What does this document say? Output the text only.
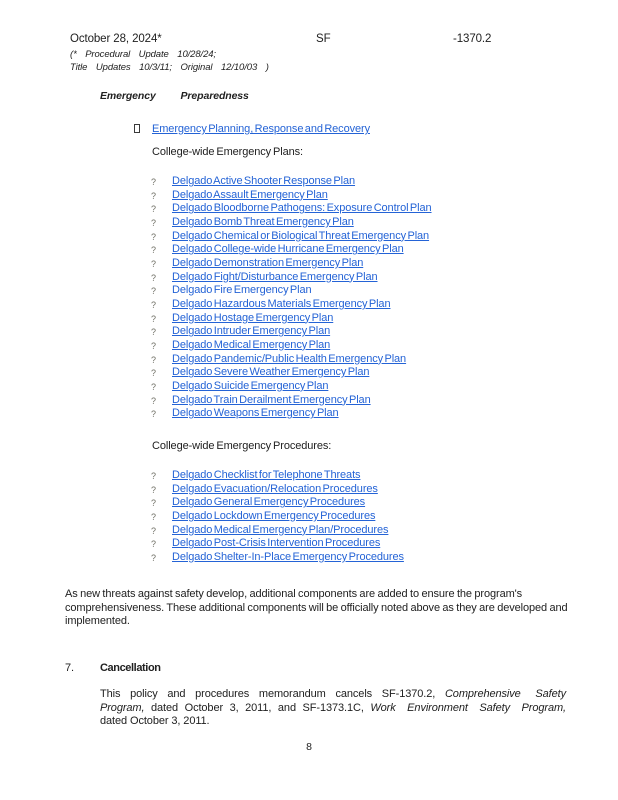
October 28, 2024*	SF	-1370.2
(* Procedural Update 10/28/24;
Title Updates 10/3/11; Original 12/10/03 )
Emergency Preparedness
Emergency Planning, Response and Recovery
College-wide Emergency Plans:
? Delgado Active Shooter Response Plan
? Delgado Assault Emergency Plan
? Delgado Bloodborne Pathogens: Exposure Control Plan
? Delgado Bomb Threat Emergency Plan
? Delgado Chemical or Biological Threat Emergency Plan
? Delgado College-wide Hurricane Emergency Plan
? Delgado Demonstration Emergency Plan
? Delgado Fight/Disturbance Emergency Plan
? Delgado Fire Emergency Plan
? Delgado Hazardous Materials Emergency Plan
? Delgado Hostage Emergency Plan
? Delgado Intruder Emergency Plan
? Delgado Medical Emergency Plan
? Delgado Pandemic/Public Health Emergency Plan
? Delgado Severe Weather Emergency Plan
? Delgado Suicide Emergency Plan
? Delgado Train Derailment Emergency Plan
? Delgado Weapons Emergency Plan
College-wide Emergency Procedures:
? Delgado Checklist for Telephone Threats
? Delgado Evacuation/Relocation Procedures
? Delgado General Emergency Procedures
? Delgado Lockdown Emergency Procedures
? Delgado Medical Emergency Plan/Procedures
? Delgado Post-Crisis Intervention Procedures
? Delgado Shelter-In-Place Emergency Procedures
As new threats against safety develop, additional components are added to ensure the program's comprehensiveness. These additional components will be officially noted above as they are developed and implemented.
7. Cancellation
This policy and procedures memorandum cancels SF-1370.2, Comprehensive Safety
Program, dated October 3, 2011, and SF-1373.1C, Work Environment Safety Program,
dated October 3, 2011.
8
